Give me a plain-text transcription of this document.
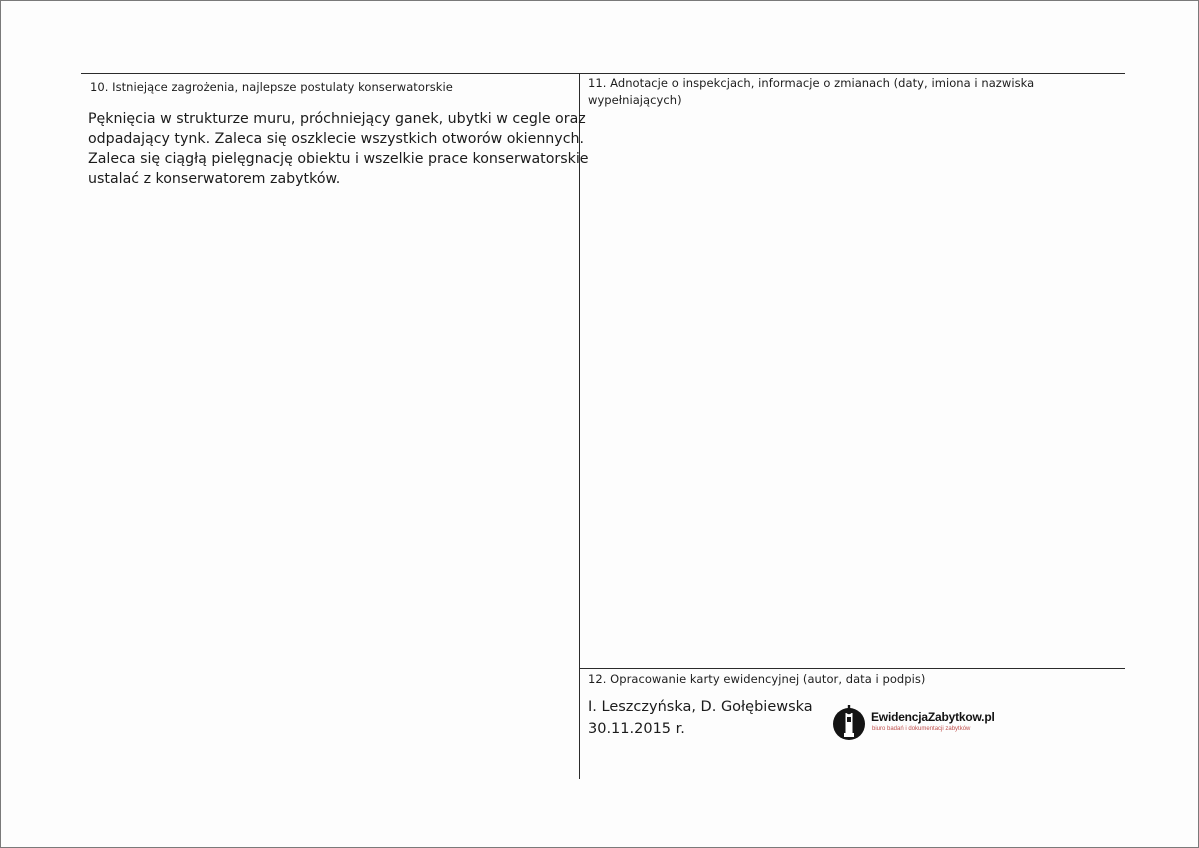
10. Istniejące zagrożenia, najlepsze postulaty konserwatorskie

Pęknięcia w strukturze muru, próchniejący ganek, ubytki w cegle oraz
odpadający tynk. Zaleca się oszklecie wszystkich otworów okiennych.
Zaleca się ciągłą pielęgnację obiektu i wszelkie prace konserwatorskie
ustalać z konserwatorem zabytków.

11. Adnotacje o inspekcjach, informacje o zmianach (daty, imiona i nazwiska
wypełniających)
12. Opracowanie karty ewidencyjnej (autor, data i podpis)
I. Leszczyńska, D. Gołębiewska
30.11.2015 r.
EwidencjaZabytkow.pl
biuro badań i dokumentacji zabytków
